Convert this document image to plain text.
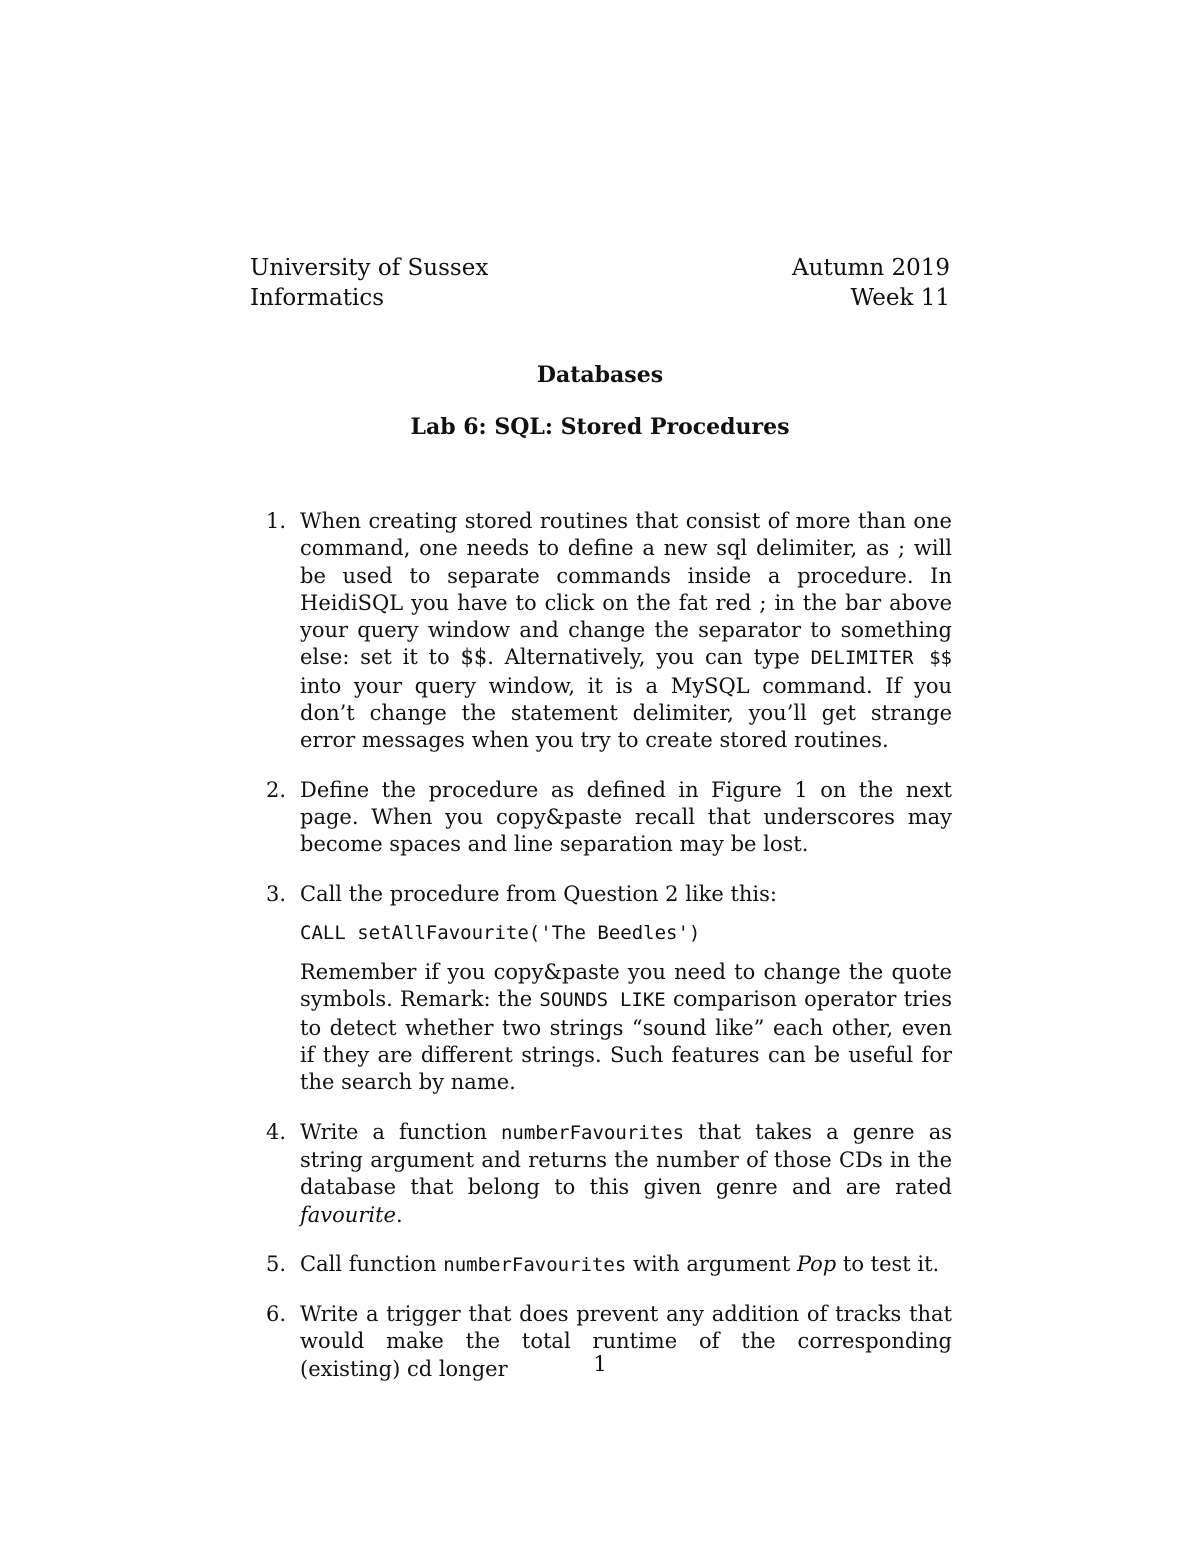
University of Sussex
Informatics
Autumn 2019
Week 11
Databases
Lab 6: SQL: Stored Procedures
1. When creating stored routines that consist of more than one command, one needs to define a new sql delimiter, as ; will be used to separate commands inside a procedure. In HeidiSQL you have to click on the fat red ; in the bar above your query window and change the separator to something else: set it to $$. Alternatively, you can type DELIMITER $$ into your query window, it is a MySQL command. If you don’t change the statement delimiter, you’ll get strange error messages when you try to create stored routines.
2. Define the procedure as defined in Figure 1 on the next page. When you copy&paste recall that underscores may become spaces and line separation may be lost.
3. Call the procedure from Question 2 like this:
CALL setAllFavourite('The Beedles')
Remember if you copy&paste you need to change the quote symbols. Remark: the SOUNDS LIKE comparison operator tries to detect whether two strings “sound like” each other, even if they are different strings. Such features can be useful for the search by name.
4. Write a function numberFavourites that takes a genre as string argument and returns the number of those CDs in the database that belong to this given genre and are rated favourite.
5. Call function numberFavourites with argument Pop to test it.
6. Write a trigger that does prevent any addition of tracks that would make the total runtime of the corresponding (existing) cd longer	1
